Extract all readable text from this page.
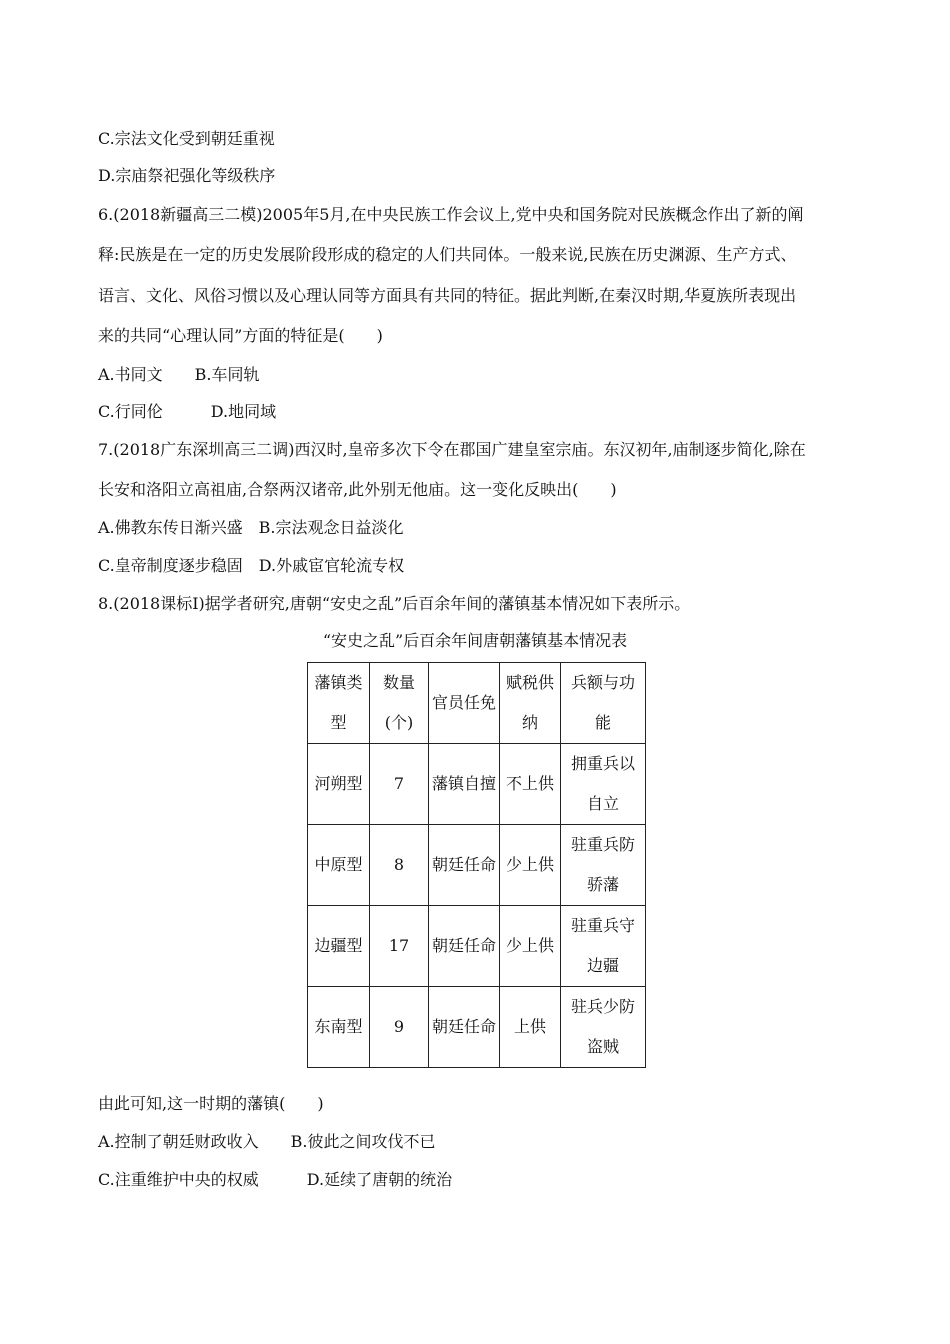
C.宗法文化受到朝廷重视
D.宗庙祭祀强化等级秩序
6.(2018新疆高三二模)2005年5月,在中央民族工作会议上,党中央和国务院对民族概念作出了新的阐
释:民族是在一定的历史发展阶段形成的稳定的人们共同体。一般来说,民族在历史渊源、生产方式、
语言、文化、风俗习惯以及心理认同等方面具有共同的特征。据此判断,在秦汉时期,华夏族所表现出
来的共同“心理认同”方面的特征是(　　)
A.书同文　　B.车同轨
C.行同伦　　　D.地同域
7.(2018广东深圳高三二调)西汉时,皇帝多次下令在郡国广建皇室宗庙。东汉初年,庙制逐步简化,除在
长安和洛阳立高祖庙,合祭两汉诸帝,此外别无他庙。这一变化反映出(　　)
A.佛教东传日渐兴盛　B.宗法观念日益淡化
C.皇帝制度逐步稳固　D.外戚宦官轮流专权
8.(2018课标Ⅰ)据学者研究,唐朝“安史之乱”后百余年间的藩镇基本情况如下表所示。
“安史之乱”后百余年间唐朝藩镇基本情况表
藩镇类型	数量(个)	官员任免	赋税供纳	兵额与功能
河朔型	7	藩镇自擅	不上供	拥重兵以自立
中原型	8	朝廷任命	少上供	驻重兵防骄藩
边疆型	17	朝廷任命	少上供	驻重兵守边疆
东南型	9	朝廷任命	上供	驻兵少防盗贼
由此可知,这一时期的藩镇(　　)
A.控制了朝廷财政收入　　B.彼此之间攻伐不已
C.注重维护中央的权威　　　D.延续了唐朝的统治
